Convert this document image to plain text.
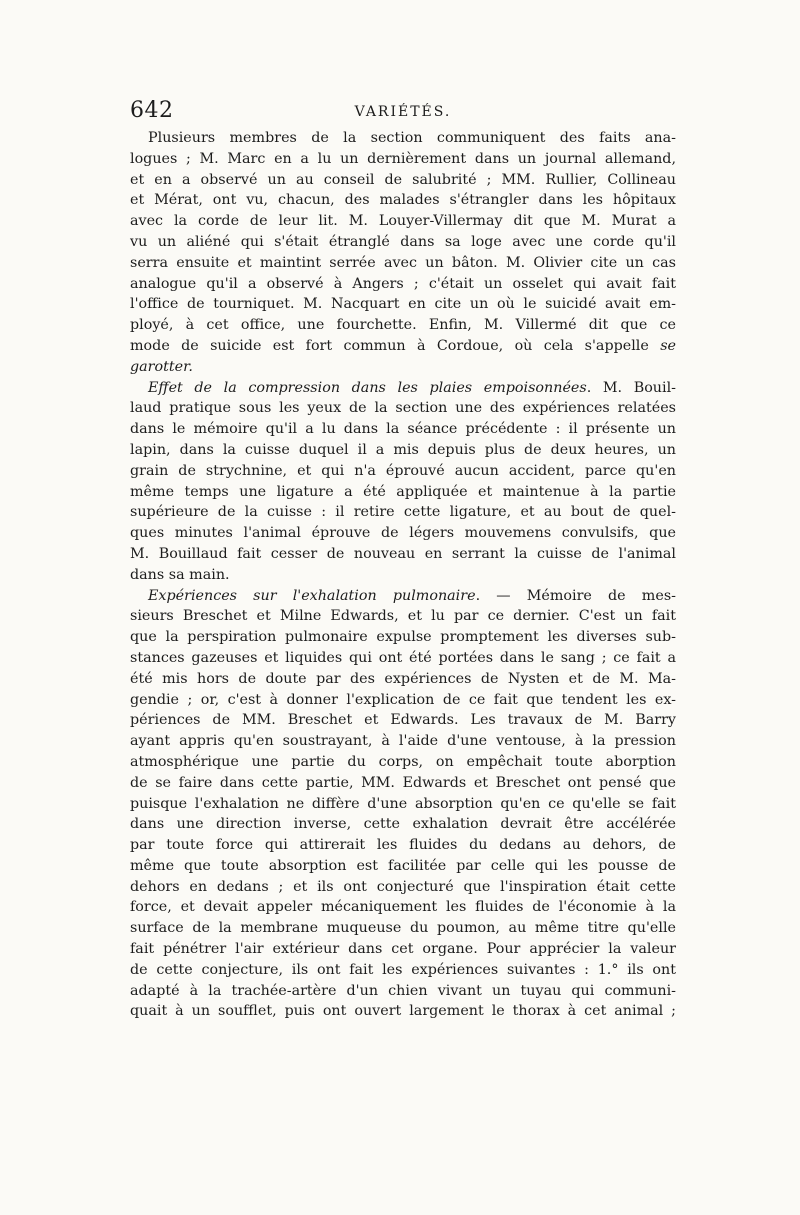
642	VARIÉTÉS.
Plusieurs membres de la section communiquent des faits ana-
logues ; M. Marc en a lu un dernièrement dans un journal allemand,
et en a observé un au conseil de salubrité ; MM. Rullier, Collineau
et Mérat, ont vu, chacun, des malades s'étrangler dans les hôpitaux
avec la corde de leur lit. M. Louyer-Villermay dit que M. Murat a
vu un aliéné qui s'était étranglé dans sa loge avec une corde qu'il
serra ensuite et maintint serrée avec un bâton. M. Olivier cite un cas
analogue qu'il a observé à Angers ; c'était un osselet qui avait fait
l'office de tourniquet. M. Nacquart en cite un où le suicidé avait em-
ployé, à cet office, une fourchette. Enfin, M. Villermé dit que ce
mode de suicide est fort commun à Cordoue, où cela s'appelle se
garotter.
Effet de la compression dans les plaies empoisonnées. M. Bouil-
laud pratique sous les yeux de la section une des expériences relatées
dans le mémoire qu'il a lu dans la séance précédente : il présente un
lapin, dans la cuisse duquel il a mis depuis plus de deux heures, un
grain de strychnine, et qui n'a éprouvé aucun accident, parce qu'en
même temps une ligature a été appliquée et maintenue à la partie
supérieure de la cuisse : il retire cette ligature, et au bout de quel-
ques minutes l'animal éprouve de légers mouvemens convulsifs, que
M. Bouillaud fait cesser de nouveau en serrant la cuisse de l'animal
dans sa main.
Expériences sur l'exhalation pulmonaire. — Mémoire de mes-
sieurs Breschet et Milne Edwards, et lu par ce dernier. C'est un fait
que la perspiration pulmonaire expulse promptement les diverses sub-
stances gazeuses et liquides qui ont été portées dans le sang ; ce fait a
été mis hors de doute par des expériences de Nysten et de M. Ma-
gendie ; or, c'est à donner l'explication de ce fait que tendent les ex-
périences de MM. Breschet et Edwards. Les travaux de M. Barry
ayant appris qu'en soustrayant, à l'aide d'une ventouse, à la pression
atmosphérique une partie du corps, on empêchait toute aborption
de se faire dans cette partie, MM. Edwards et Breschet ont pensé que
puisque l'exhalation ne diffère d'une absorption qu'en ce qu'elle se fait
dans une direction inverse, cette exhalation devrait être accélérée
par toute force qui attirerait les fluides du dedans au dehors, de
même que toute absorption est facilitée par celle qui les pousse de
dehors en dedans ; et ils ont conjecturé que l'inspiration était cette
force, et devait appeler mécaniquement les fluides de l'économie à la
surface de la membrane muqueuse du poumon, au même titre qu'elle
fait pénétrer l'air extérieur dans cet organe. Pour apprécier la valeur
de cette conjecture, ils ont fait les expériences suivantes : 1.° ils ont
adapté à la trachée-artère d'un chien vivant un tuyau qui communi-
quait à un soufflet, puis ont ouvert largement le thorax à cet animal ;
